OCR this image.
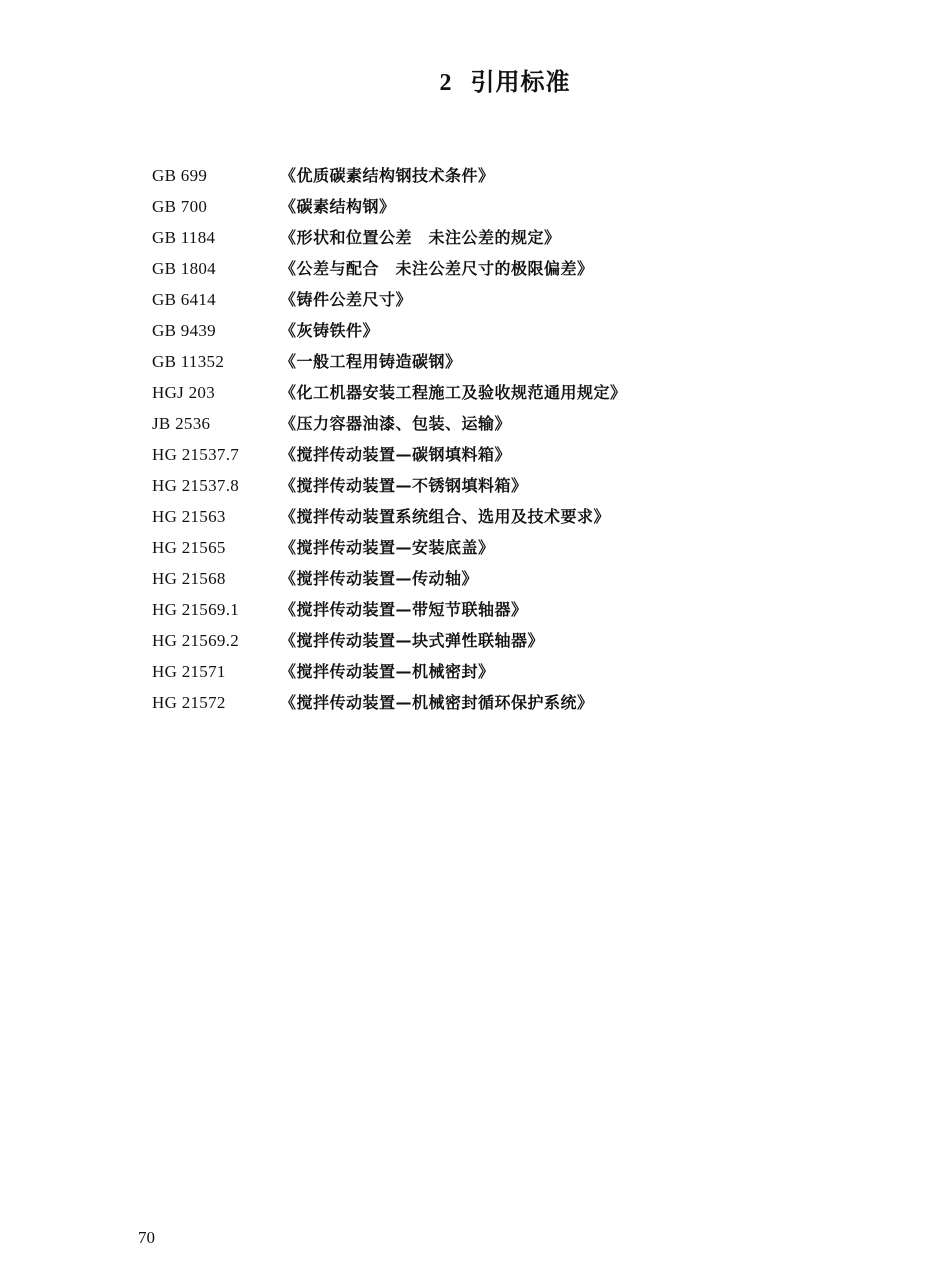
2 引用标准
GB 699	《优质碳素结构钢技术条件》
GB 700	《碳素结构钢》
GB 1184	《形状和位置公差　未注公差的规定》
GB 1804	《公差与配合　未注公差尺寸的极限偏差》
GB 6414	《铸件公差尺寸》
GB 9439	《灰铸铁件》
GB 11352	《一般工程用铸造碳钢》
HGJ 203	《化工机器安装工程施工及验收规范通用规定》
JB 2536	《压力容器油漆、包装、运输》
HG 21537.7	《搅拌传动装置—碳钢填料箱》
HG 21537.8	《搅拌传动装置—不锈钢填料箱》
HG 21563	《搅拌传动装置系统组合、选用及技术要求》
HG 21565	《搅拌传动装置—安装底盖》
HG 21568	《搅拌传动装置—传动轴》
HG 21569.1	《搅拌传动装置—带短节联轴器》
HG 21569.2	《搅拌传动装置—块式弹性联轴器》
HG 21571	《搅拌传动装置—机械密封》
HG 21572	《搅拌传动装置—机械密封循环保护系统》
70
